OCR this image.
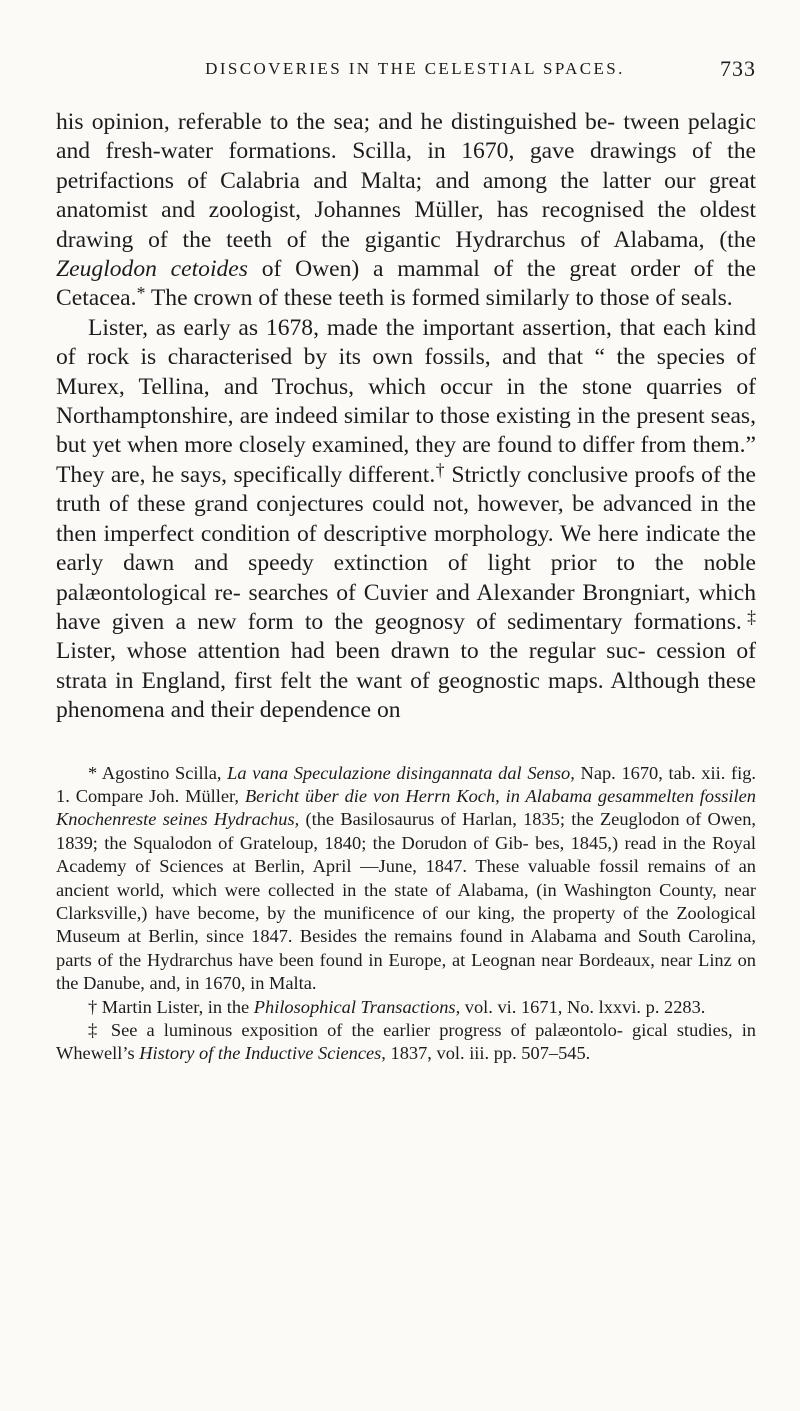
DISCOVERIES IN THE CELESTIAL SPACES.	733

his opinion, referable to the sea; and he distinguished be- tween pelagic and fresh-water formations. Scilla, in 1670, gave drawings of the petrifactions of Calabria and Malta; and among the latter our great anatomist and zoologist, Johannes Müller, has recognised the oldest drawing of the teeth of the gigantic Hydrarchus of Alabama, (the Zeuglodon cetoides of Owen) a mammal of the great order of the Cetacea.* The crown of these teeth is formed similarly to those of seals.

Lister, as early as 1678, made the important assertion, that each kind of rock is characterised by its own fossils, and that “ the species of Murex, Tellina, and Trochus, which occur in the stone quarries of Northamptonshire, are indeed similar to those existing in the present seas, but yet when more closely examined, they are found to differ from them.” They are, he says, specifically different.† Strictly conclusive proofs of the truth of these grand conjectures could not, however, be advanced in the then imperfect condition of descriptive morphology. We here indicate the early dawn and speedy extinction of light prior to the noble palæontological re- searches of Cuvier and Alexander Brongniart, which have given a new form to the geognosy of sedimentary formations.‡ Lister, whose attention had been drawn to the regular suc- cession of strata in England, first felt the want of geognostic maps. Although these phenomena and their dependence on

* Agostino Scilla, La vana Speculazione disingannata dal Senso, Nap. 1670, tab. xii. fig. 1. Compare Joh. Müller, Bericht über die von Herrn Koch, in Alabama gesammelten fossilen Knochenreste seines Hydrachus, (the Basilosaurus of Harlan, 1835; the Zeuglodon of Owen, 1839; the Squalodon of Grateloup, 1840; the Dorudon of Gib- bes, 1845,) read in the Royal Academy of Sciences at Berlin, April —June, 1847. These valuable fossil remains of an ancient world, which were collected in the state of Alabama, (in Washington County, near Clarksville,) have become, by the munificence of our king, the property of the Zoological Museum at Berlin, since 1847. Besides the remains found in Alabama and South Carolina, parts of the Hydrarchus have been found in Europe, at Leognan near Bordeaux, near Linz on the Danube, and, in 1670, in Malta.

† Martin Lister, in the Philosophical Transactions, vol. vi. 1671, No. lxxvi. p. 2283.

‡ See a luminous exposition of the earlier progress of palæontolo- gical studies, in Whewell’s History of the Inductive Sciences, 1837, vol. iii. pp. 507–545.
